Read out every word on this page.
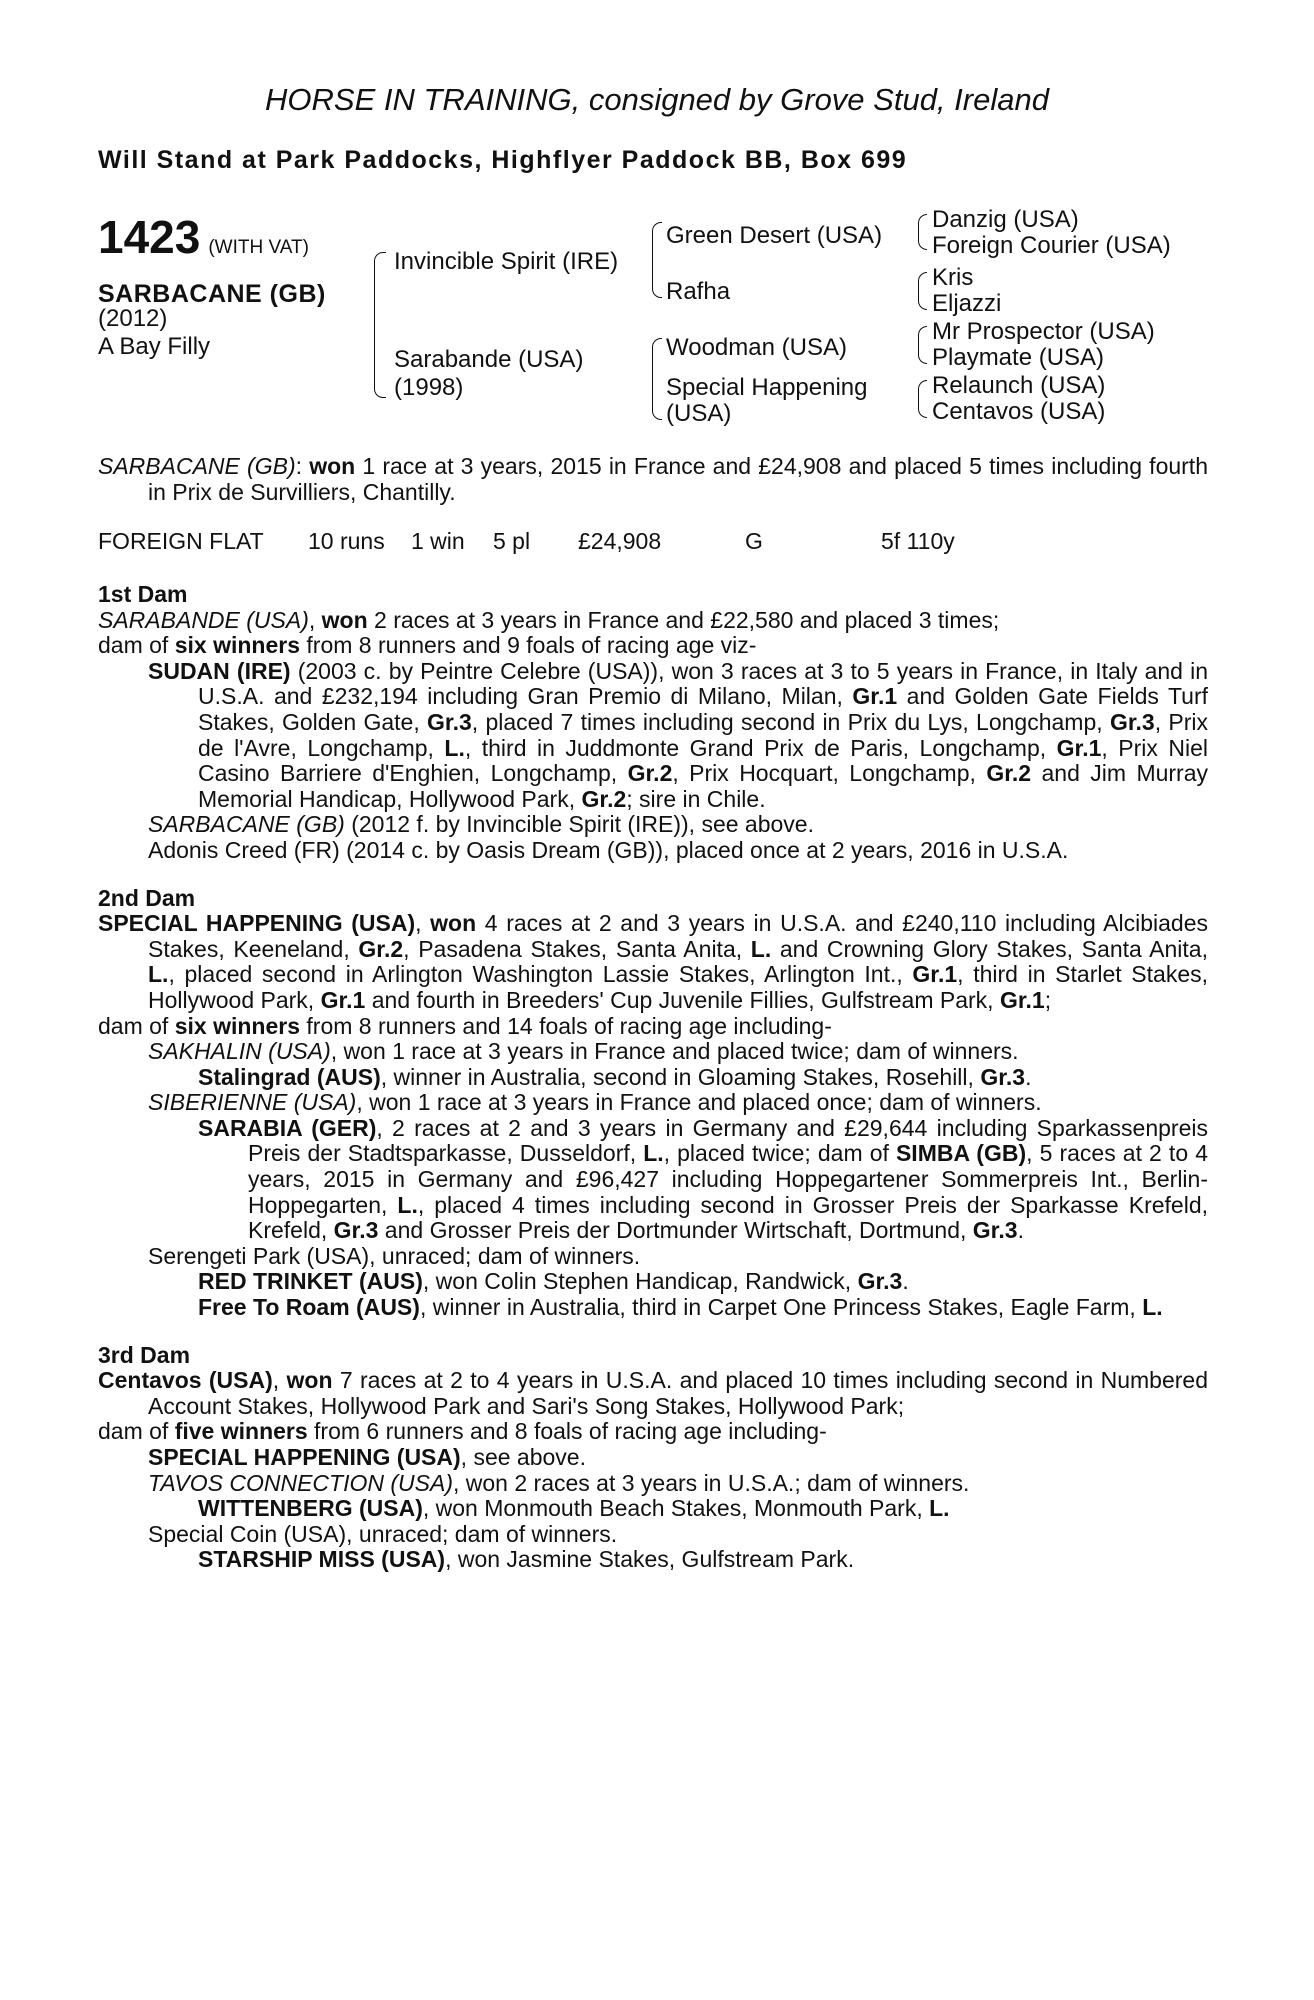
HORSE IN TRAINING, consigned by Grove Stud, Ireland
Will Stand at Park Paddocks, Highflyer Paddock BB, Box 699
1423 (WITH VAT)
SARBACANE (GB)
(2012)
A Bay Filly
Invincible Spirit (IRE)
Sarabande (USA)
(1998)
Green Desert (USA)
Rafha
Woodman (USA)
Special Happening
(USA)
Danzig (USA)
Foreign Courier (USA)
Kris
Eljazzi
Mr Prospector (USA)
Playmate (USA)
Relaunch (USA)
Centavos (USA)

SARBACANE (GB): won 1 race at 3 years, 2015 in France and £24,908 and placed 5 times including fourth in Prix de Survilliers, Chantilly.

FOREIGN FLAT 10 runs 1 win 5 pl £24,908	G	5f 110y

1st Dam

SARABANDE (USA), won 2 races at 3 years in France and £22,580 and placed 3 times;

dam of six winners from 8 runners and 9 foals of racing age viz-

SUDAN (IRE) (2003 c. by Peintre Celebre (USA)), won 3 races at 3 to 5 years in France, in Italy and in U.S.A. and £232,194 including Gran Premio di Milano, Milan, Gr.1 and Golden Gate Fields Turf Stakes, Golden Gate, Gr.3, placed 7 times including second in Prix du Lys, Longchamp, Gr.3, Prix de l'Avre, Longchamp, L., third in Juddmonte Grand Prix de Paris, Longchamp, Gr.1, Prix Niel Casino Barriere d'Enghien, Longchamp, Gr.2, Prix Hocquart, Longchamp, Gr.2 and Jim Murray Memorial Handicap, Hollywood Park, Gr.2; sire in Chile.

SARBACANE (GB) (2012 f. by Invincible Spirit (IRE)), see above.

Adonis Creed (FR) (2014 c. by Oasis Dream (GB)), placed once at 2 years, 2016 in U.S.A.

2nd Dam

SPECIAL HAPPENING (USA), won 4 races at 2 and 3 years in U.S.A. and £240,110 including Alcibiades Stakes, Keeneland, Gr.2, Pasadena Stakes, Santa Anita, L. and Crowning Glory Stakes, Santa Anita, L., placed second in Arlington Washington Lassie Stakes, Arlington Int., Gr.1, third in Starlet Stakes, Hollywood Park, Gr.1 and fourth in Breeders' Cup Juvenile Fillies, Gulfstream Park, Gr.1;

dam of six winners from 8 runners and 14 foals of racing age including-

SAKHALIN (USA), won 1 race at 3 years in France and placed twice; dam of winners.

Stalingrad (AUS), winner in Australia, second in Gloaming Stakes, Rosehill, Gr.3.

SIBERIENNE (USA), won 1 race at 3 years in France and placed once; dam of winners.

SARABIA (GER), 2 races at 2 and 3 years in Germany and £29,644 including Sparkassenpreis Preis der Stadtsparkasse, Dusseldorf, L., placed twice; dam of SIMBA (GB), 5 races at 2 to 4 years, 2015 in Germany and £96,427 including Hoppegartener Sommerpreis Int., Berlin-Hoppegarten, L., placed 4 times including second in Grosser Preis der Sparkasse Krefeld, Krefeld, Gr.3 and Grosser Preis der Dortmunder Wirtschaft, Dortmund, Gr.3.

Serengeti Park (USA), unraced; dam of winners.

RED TRINKET (AUS), won Colin Stephen Handicap, Randwick, Gr.3.

Free To Roam (AUS), winner in Australia, third in Carpet One Princess Stakes, Eagle Farm, L.

3rd Dam

Centavos (USA), won 7 races at 2 to 4 years in U.S.A. and placed 10 times including second in Numbered Account Stakes, Hollywood Park and Sari's Song Stakes, Hollywood Park;

dam of five winners from 6 runners and 8 foals of racing age including-

SPECIAL HAPPENING (USA), see above.

TAVOS CONNECTION (USA), won 2 races at 3 years in U.S.A.; dam of winners.

WITTENBERG (USA), won Monmouth Beach Stakes, Monmouth Park, L.

Special Coin (USA), unraced; dam of winners.

STARSHIP MISS (USA), won Jasmine Stakes, Gulfstream Park.
